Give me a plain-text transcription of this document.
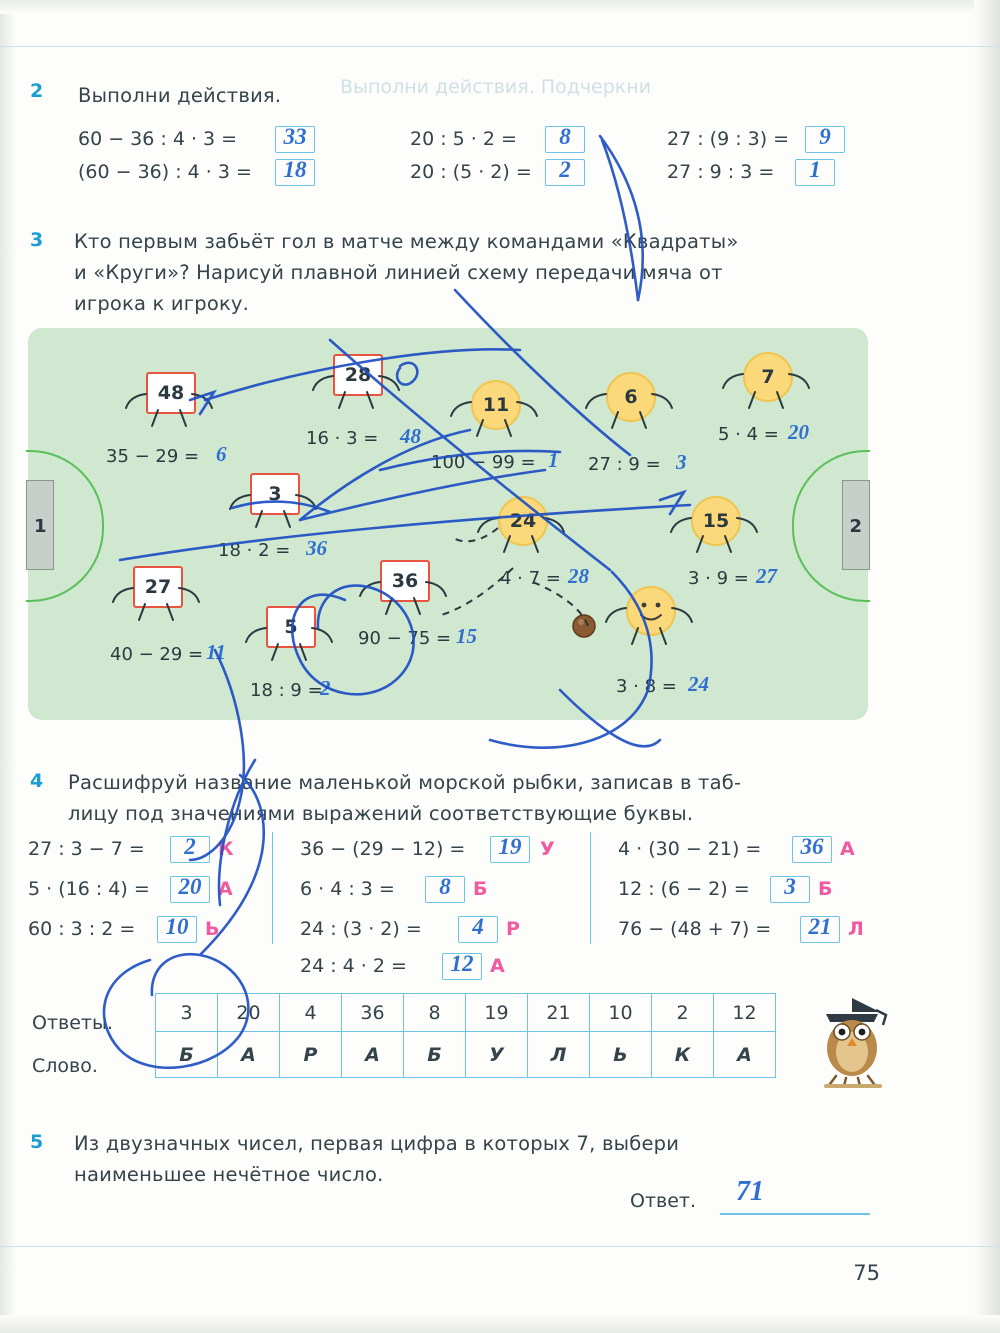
Выполни действия. Подчеркни
2 Выполни действия.
60 − 36 : 4 · 3 =	33
(60 − 36) : 4 · 3 =	18
20 : 5 · 2 =	8
20 : (5 · 2) =	2
27 : (9 : 3) =	9
27 : 9 : 3 =	1
3 Кто первым забьёт гол в матче между командами «Квадраты»
и «Круги»? Нарисуй плавной линией схему передачи мяча от
игрока к игроку.
1	2
48
35 − 29 = 6
28
16 · 3 = 48
11
100 − 99 = 1
6
27 : 9 = 3
7
5 · 4 = 20
3
18 · 2 = 36
24
4 · 7 = 28
15
3 · 9 = 27
27
40 − 29 = 11
5
18 : 9 =
2
36
90 − 75 = 15
3 · 8 = 24
4 Расшифруй название маленькой морской рыбки, записав в таб-
лицу под значениями выражений соответствующие буквы.
27 : 3 − 7 =	2	К
5 · (16 : 4) =	20 А
60 : 3 : 2 =	10 Ь
36 − (29 − 12) =	19 У
6 · 4 : 3 =	8	Б
24 : (3 · 2) =	4	Р
24 : 4 · 2 =	12 А
4 · (30 − 21) =	36 А
12 : (6 − 2) =	3	Б
76 − (48 + 7) =	21 Л
Ответы.
Слово.
3	20	4	36	8	19	21	10	2	12
Б	А	Р	А	Б	У	Л	Ь	К	А
5 Из двузначных чисел, первая цифра в которых 7, выбери
наименьшее нечётное число.
Ответ. 71
75
